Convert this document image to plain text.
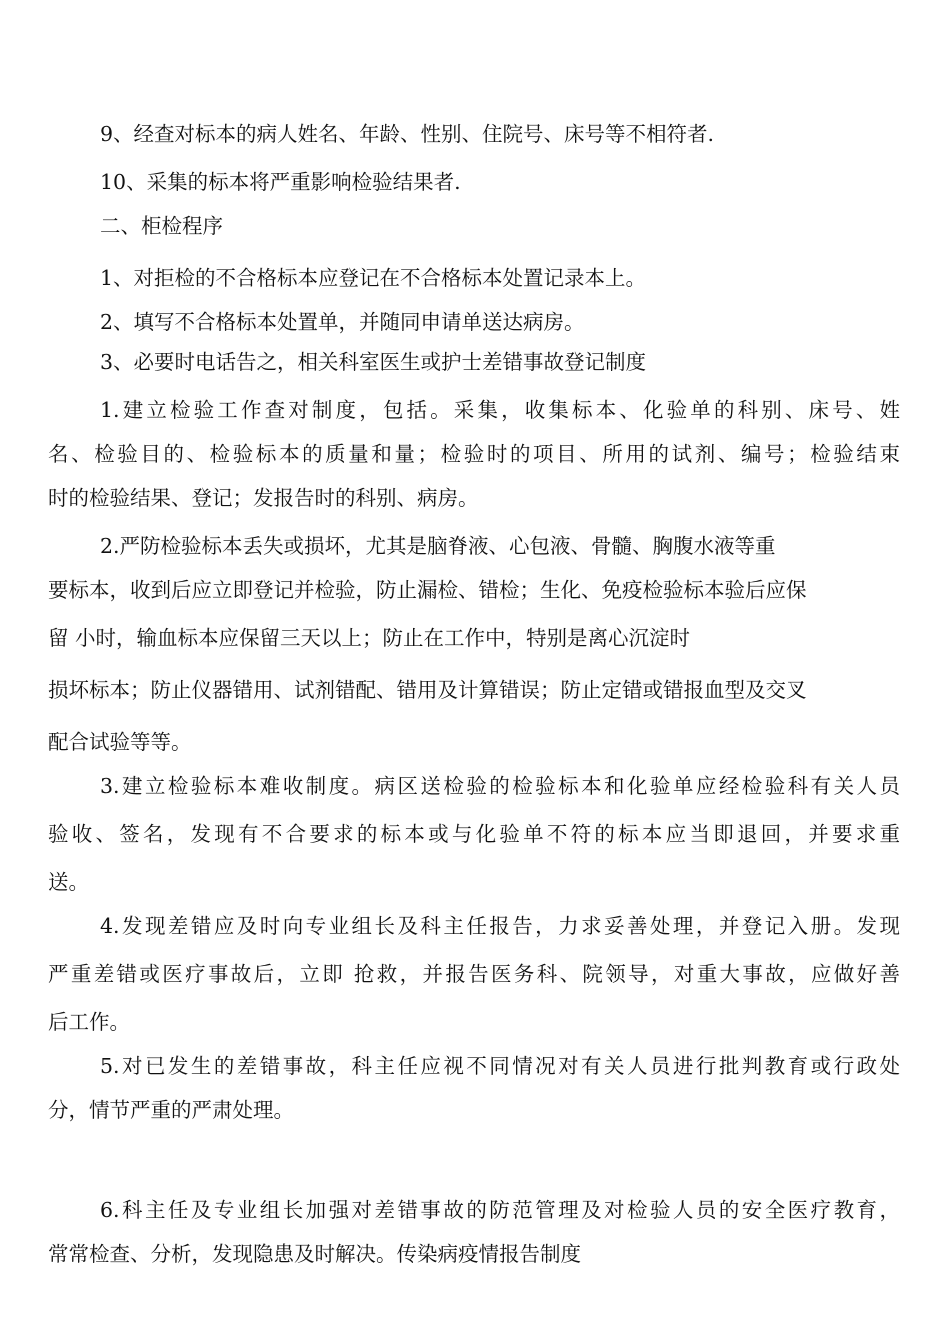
9、经查对标本的病人姓名、年龄、性别、住院号、床号等不相符者.
10、采集的标本将严重影响检验结果者.
二、柜检程序
1、对拒检的不合格标本应登记在不合格标本处置记录本上。
2、填写不合格标本处置单，并随同申请单送达病房。
3、必要时电话告之，相关科室医生或护士差错事故登记制度
1.建立检验工作查对制度，包括。采集，收集标本、化验单的科别、床号、姓
名、检验目的、检验标本的质量和量；检验时的项目、所用的试剂、编号；检验结束
时的检验结果、登记；发报告时的科别、病房。
2.严防检验标本丢失或损坏，尤其是脑脊液、心包液、骨髓、胸腹水液等重
要标本，收到后应立即登记并检验，防止漏检、错检；生化、免疫检验标本验后应保
留 小时，输血标本应保留三天以上；防止在工作中，特别是离心沉淀时
损坏标本；防止仪器错用、试剂错配、错用及计算错误；防止定错或错报血型及交叉
配合试验等等。
3.建立检验标本难收制度。病区送检验的检验标本和化验单应经检验科有关人员
验收、签名，发现有不合要求的标本或与化验单不符的标本应当即退回，并要求重
送。
4.发现差错应及时向专业组长及科主任报告，力求妥善处理，并登记入册。发现
严重差错或医疗事故后，立即 抢救，并报告医务科、院领导，对重大事故，应做好善
后工作。
5.对已发生的差错事故，科主任应视不同情况对有关人员进行批判教育或行政处
分，情节严重的严肃处理。
6.科主任及专业组长加强对差错事故的防范管理及对检验人员的安全医疗教育，
常常检查、分析，发现隐患及时解决。传染病疫情报告制度
